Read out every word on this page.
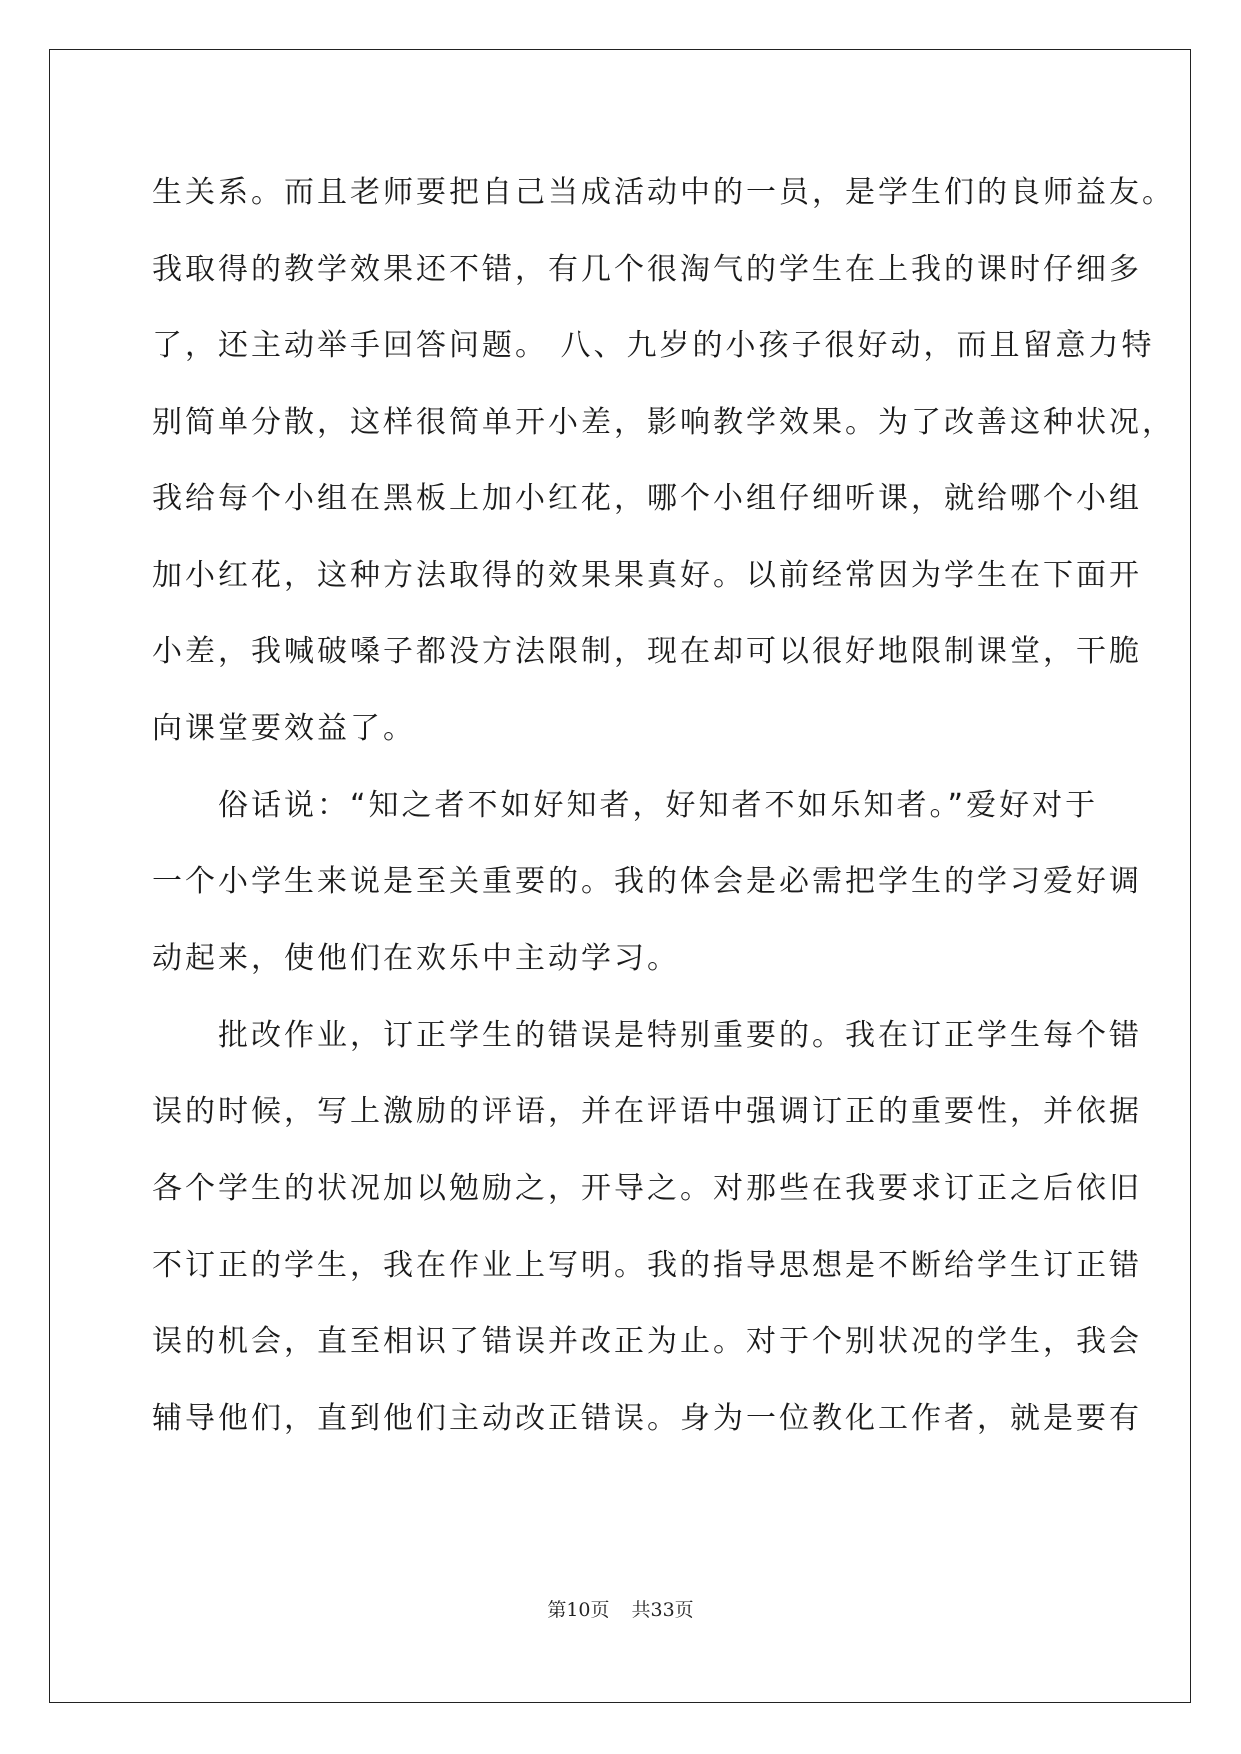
生关系。而且老师要把自己当成活动中的一员，是学生们的良师益友。
我取得的教学效果还不错，有几个很淘气的学生在上我的课时仔细多
了，还主动举手回答问题。 八、九岁的小孩子很好动，而且留意力特
别简单分散，这样很简单开小差，影响教学效果。为了改善这种状况，
我给每个小组在黑板上加小红花，哪个小组仔细听课，就给哪个小组
加小红花，这种方法取得的效果果真好。以前经常因为学生在下面开
小差，我喊破嗓子都没方法限制，现在却可以很好地限制课堂，干脆
向课堂要效益了。
　　俗话说：“知之者不如好知者，好知者不如乐知者。”爱好对于
一个小学生来说是至关重要的。我的体会是必需把学生的学习爱好调
动起来，使他们在欢乐中主动学习。
　　批改作业，订正学生的错误是特别重要的。我在订正学生每个错
误的时候，写上激励的评语，并在评语中强调订正的重要性，并依据
各个学生的状况加以勉励之，开导之。对那些在我要求订正之后依旧
不订正的学生，我在作业上写明。我的指导思想是不断给学生订正错
误的机会，直至相识了错误并改正为止。对于个别状况的学生，我会
辅导他们，直到他们主动改正错误。身为一位教化工作者，就是要有
第10页 共33页
